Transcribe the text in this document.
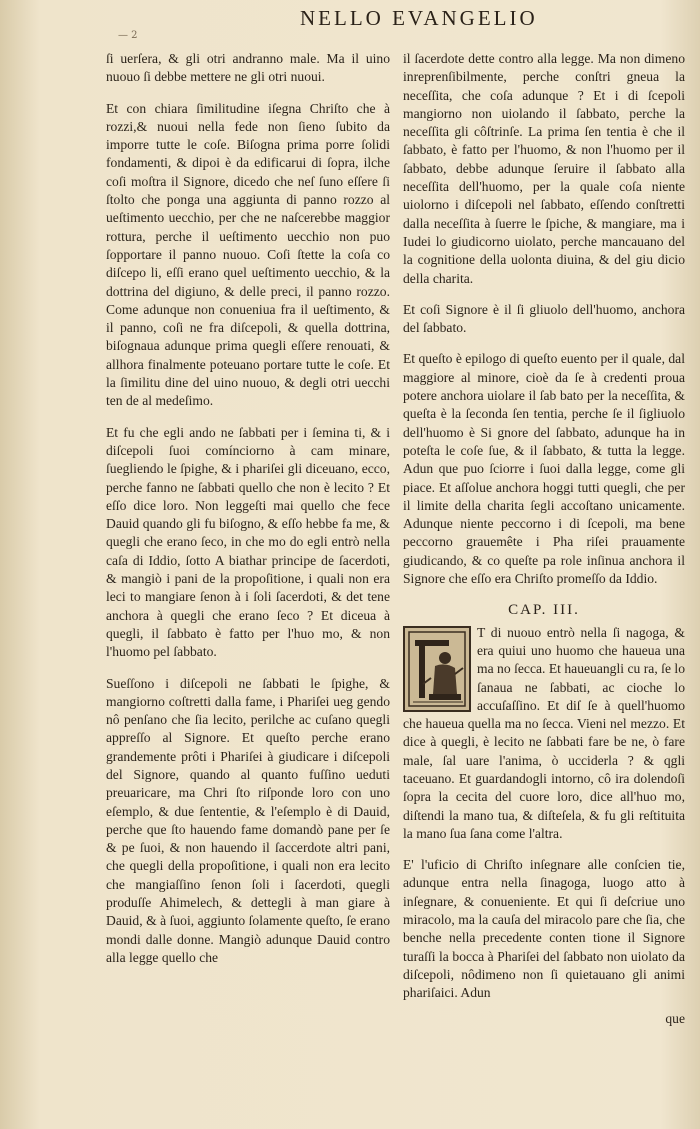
NELLO EVANGELIO
— 2

ſi uerſera, & gli otri andranno male. Ma il uino nuouo ſi debbe mettere ne gli otri nuoui.

Et con chiara ſimilitudine iſegna Chriſto che à rozzi,& nuoui nella fede non ſieno ſubito da imporre tutte le coſe. Biſogna prima porre ſolidi fondamenti, & dipoi è da edificarui di ſopra, ilche coſi moſtra il Signore, dicedo che neſ ſuno eſſere ſi ſtolto che ponga una aggiunta di panno rozzo al ueſtimento uecchio, per che ne naſcerebbe maggior rottura, perche il ueſtimento uecchio non puo ſopportare il panno nuouo. Coſi ſtette la coſa co diſcepo li, eſſi erano quel ueſtimento uecchio, & la dottrina del digiuno, & delle preci, il panno rozzo. Come adunque non conueniua fra il ueſtimento, & il panno, coſi ne fra diſcepoli, & quella dottrina, biſognaua adunque prima quegli eſſere renouati, & allhora finalmente poteuano portare tutte le coſe. Et la ſimilitu dine del uino nuouo, & degli otri uecchi ten de al medeſimo.

Et fu che egli ando ne ſabbati per i ſemina ti, & i diſcepoli ſuoi comínciorno à cam minare, ſuegliendo le ſpighe, & i phariſei gli diceuano, ecco, perche fanno ne ſabbati quello che non è lecito ? Et eſſo dice loro. Non leggeſti mai quello che fece Dauid quando gli fu biſogno, & eſſo hebbe fa me, & quegli che erano ſeco, in che mo do egli entrò nella caſa di Iddio, ſotto A biathar principe de ſacerdoti, & mangiò i pani de la propoſitione, i quali non era leci to mangiare ſenon à i ſoli ſacerdoti, & det tene anchora à quegli che erano ſeco ? Et diceua à quegli, il ſabbato è fatto per l'huo mo, & non l'huomo pel ſabbato.

Sueſſono i diſcepoli ne ſabbati le ſpighe, & mangiorno coſtretti dalla fame, i Phariſei ueg gendo nô penſano che ſia lecito, perilche ac cuſano quegli appreſſo al Signore. Et queſto perche erano grandemente prôti i Phariſei à giudicare i diſcepoli del Signore, quando al quanto fuſſino ueduti preuaricare, ma Chri ſto riſponde loro con uno eſemplo, & due ſententie, & l'eſemplo è di Dauid, perche que ſto hauendo fame domandò pane per ſe & pe ſuoi, & non hauendo il ſaccerdote altri pani, che quegli della propoſitione, i quali non era lecito che mangiaſſino ſenon ſoli i ſacerdoti, quegli produſſe Ahimelech, & dettegli à man giare à Dauid, & à ſuoi, aggiunto ſolamente queſto, ſe erano mondi dalle donne. Mangiò adunque Dauid contro alla legge quello che

il ſacerdote dette contro alla legge. Ma non dimeno inreprenſibilmente, perche conſtri gneua la neceſſita, che coſa adunque ? Et i di ſcepoli mangiorno non uiolando il ſabbato, perche la neceſſita gli côſtrinſe. La prima ſen tentia è che il ſabbato, è fatto per l'huomo, & non l'huomo per il ſabbato, debbe adunque ſeruire il ſabbato alla neceſſita dell'huomo, per la quale coſa niente uiolorno i diſcepoli nel ſabbato, eſſendo conſtretti dalla neceſſita à ſuerre le ſpiche, & mangiare, ma i Iudei lo giudicorno uiolato, perche mancauano del la cognitione della uolonta diuina, & del giu dicio della charita.

Et coſi Signore è il ſi gliuolo dell'huomo, anchora del ſabbato.

Et queſto è epilogo di queſto euento per il quale, dal maggiore al minore, cioè da ſe à credenti proua potere anchora uiolare il ſab bato per la neceſſita, & queſta è la ſeconda ſen tentia, perche ſe il ſigliuolo dell'huomo è Si gnore del ſabbato, adunque ha in poteſta le coſe ſue, & il ſabbato, & tutta la legge. Adun que puo ſciorre i ſuoi dalla legge, come gli piace. Et aſſolue anchora hoggi tutti quegli, che per il limite della charita ſegli accoſtano unicamente. Adunque niente peccorno i di ſcepoli, ma bene peccorno grauemête i Pha riſei prauamente giudicando, & co queſte pa role inſinua anchora il Signore che eſſo era Chriſto promeſſo da Iddio.

CAP. III.
T di nuouo entrò nella ſi nagoga, & era quiui uno huomo che haueua una ma no ſecca. Et haueuangli cu ra, ſe lo ſanaua ne ſabbati, ac cioche lo accuſaſſino. Et diſ ſe à quell'huomo che haueua quella ma no ſecca. Vieni nel mezzo. Et dice à quegli, è lecito ne ſabbati fare be ne, ò fare male, ſal uare l'anima, ò ucciderla ? & qgli taceuano. Et guardandogli intorno, cô ira dolendoſi ſopra la cecita del cuore loro, dice all'huo mo, diſtendi la mano tua, & diſteſela, & fu gli reſtituita la mano ſua ſana come l'altra.

E' l'uficio di Chriſto inſegnare alle conſcien tie, adunque entra nella ſinagoga, luogo atto à inſegnare, & conueniente. Et qui ſi deſcriue uno miracolo, ma la cauſa del miracolo pare che ſia, che benche nella precedente conten tione il Signore turaſſi la bocca à Phariſei del ſabbato non uiolato da diſcepoli, nôdimeno non ſi quietauano gli animi phariſaici. Adun

que
